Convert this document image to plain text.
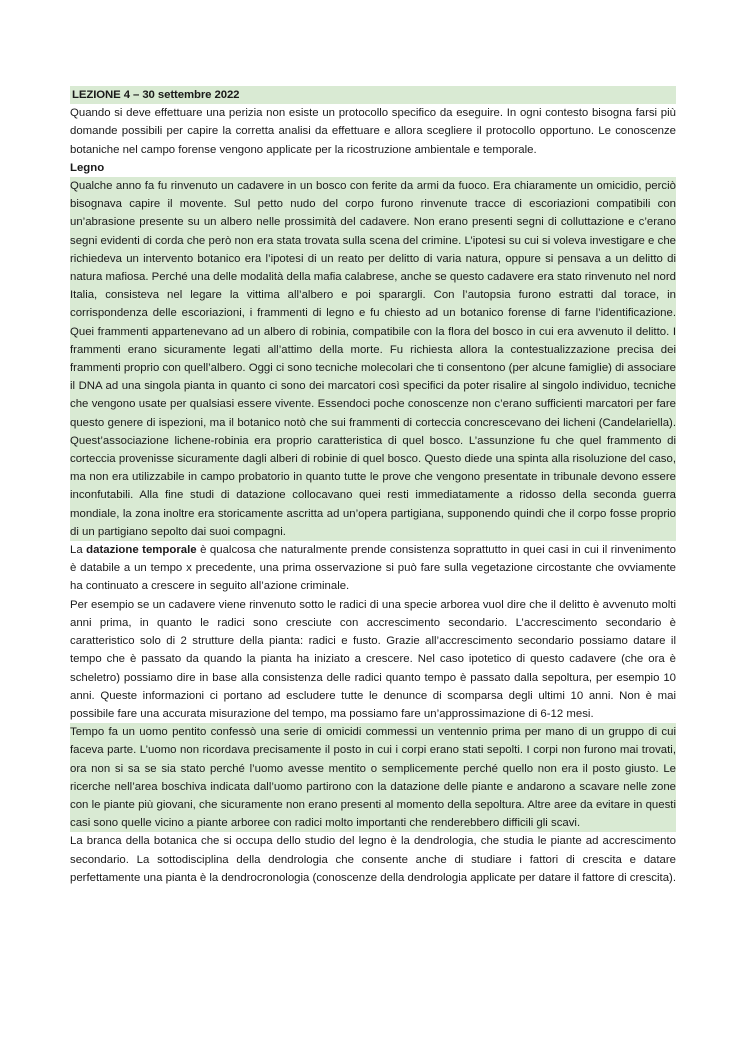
LEZIONE 4 – 30 settembre 2022

Quando si deve effettuare una perizia non esiste un protocollo specifico da eseguire. In ogni contesto bisogna farsi più domande possibili per capire la corretta analisi da effettuare e allora scegliere il protocollo opportuno. Le conoscenze botaniche nel campo forense vengono applicate per la ricostruzione ambientale e temporale.

Legno

Qualche anno fa fu rinvenuto un cadavere in un bosco con ferite da armi da fuoco. Era chiaramente un omicidio, perciò bisognava capire il movente. Sul petto nudo del corpo furono rinvenute tracce di escoriazioni compatibili con un’abrasione presente su un albero nelle prossimità del cadavere. Non erano presenti segni di colluttazione e c’erano segni evidenti di corda che però non era stata trovata sulla scena del crimine. L’ipotesi su cui si voleva investigare e che richiedeva un intervento botanico era l’ipotesi di un reato per delitto di varia natura, oppure si pensava a un delitto di natura mafiosa. Perché una delle modalità della mafia calabrese, anche se questo cadavere era stato rinvenuto nel nord Italia, consisteva nel legare la vittima all’albero e poi sparargli. Con l’autopsia furono estratti dal torace, in corrispondenza delle escoriazioni, i frammenti di legno e fu chiesto ad un botanico forense di farne l’identificazione. Quei frammenti appartenevano ad un albero di robinia, compatibile con la flora del bosco in cui era avvenuto il delitto. I frammenti erano sicuramente legati all’attimo della morte. Fu richiesta allora la contestualizzazione precisa dei frammenti proprio con quell’albero. Oggi ci sono tecniche molecolari che ti consentono (per alcune famiglie) di associare il DNA ad una singola pianta in quanto ci sono dei marcatori così specifici da poter risalire al singolo individuo, tecniche che vengono usate per qualsiasi essere vivente. Essendoci poche conoscenze non c’erano sufficienti marcatori per fare questo genere di ispezioni, ma il botanico notò che sui frammenti di corteccia concrescevano dei licheni (Candelariella). Quest’associazione lichene-robinia era proprio caratteristica di quel bosco. L’assunzione fu che quel frammento di corteccia provenisse sicuramente dagli alberi di robinie di quel bosco. Questo diede una spinta alla risoluzione del caso, ma non era utilizzabile in campo probatorio in quanto tutte le prove che vengono presentate in tribunale devono essere inconfutabili. Alla fine studi di datazione collocavano quei resti immediatamente a ridosso della seconda guerra mondiale, la zona inoltre era storicamente ascritta ad un’opera partigiana, supponendo quindi che il corpo fosse proprio di un partigiano sepolto dai suoi compagni.

La datazione temporale è qualcosa che naturalmente prende consistenza soprattutto in quei casi in cui il rinvenimento è databile a un tempo x precedente, una prima osservazione si può fare sulla vegetazione circostante che ovviamente ha continuato a crescere in seguito all’azione criminale.

Per esempio se un cadavere viene rinvenuto sotto le radici di una specie arborea vuol dire che il delitto è avvenuto molti anni prima, in quanto le radici sono cresciute con accrescimento secondario. L’accrescimento secondario è caratteristico solo di 2 strutture della pianta: radici e fusto. Grazie all’accrescimento secondario possiamo datare il tempo che è passato da quando la pianta ha iniziato a crescere. Nel caso ipotetico di questo cadavere (che ora è scheletro) possiamo dire in base alla consistenza delle radici quanto tempo è passato dalla sepoltura, per esempio 10 anni. Queste informazioni ci portano ad escludere tutte le denunce di scomparsa degli ultimi 10 anni. Non è mai possibile fare una accurata misurazione del tempo, ma possiamo fare un’approssimazione di 6-12 mesi.

Tempo fa un uomo pentito confessò una serie di omicidi commessi un ventennio prima per mano di un gruppo di cui faceva parte. L’uomo non ricordava precisamente il posto in cui i corpi erano stati sepolti. I corpi non furono mai trovati, ora non si sa se sia stato perché l’uomo avesse mentito o semplicemente perché quello non era il posto giusto. Le ricerche nell’area boschiva indicata dall’uomo partirono con la datazione delle piante e andarono a scavare nelle zone con le piante più giovani, che sicuramente non erano presenti al momento della sepoltura. Altre aree da evitare in questi casi sono quelle vicino a piante arboree con radici molto importanti che renderebbero difficili gli scavi.

La branca della botanica che si occupa dello studio del legno è la dendrologia, che studia le piante ad accrescimento secondario. La sottodisciplina della dendrologia che consente anche di studiare i fattori di crescita e datare perfettamente una pianta è la dendrocronologia (conoscenze della dendrologia applicate per datare il fattore di crescita).
